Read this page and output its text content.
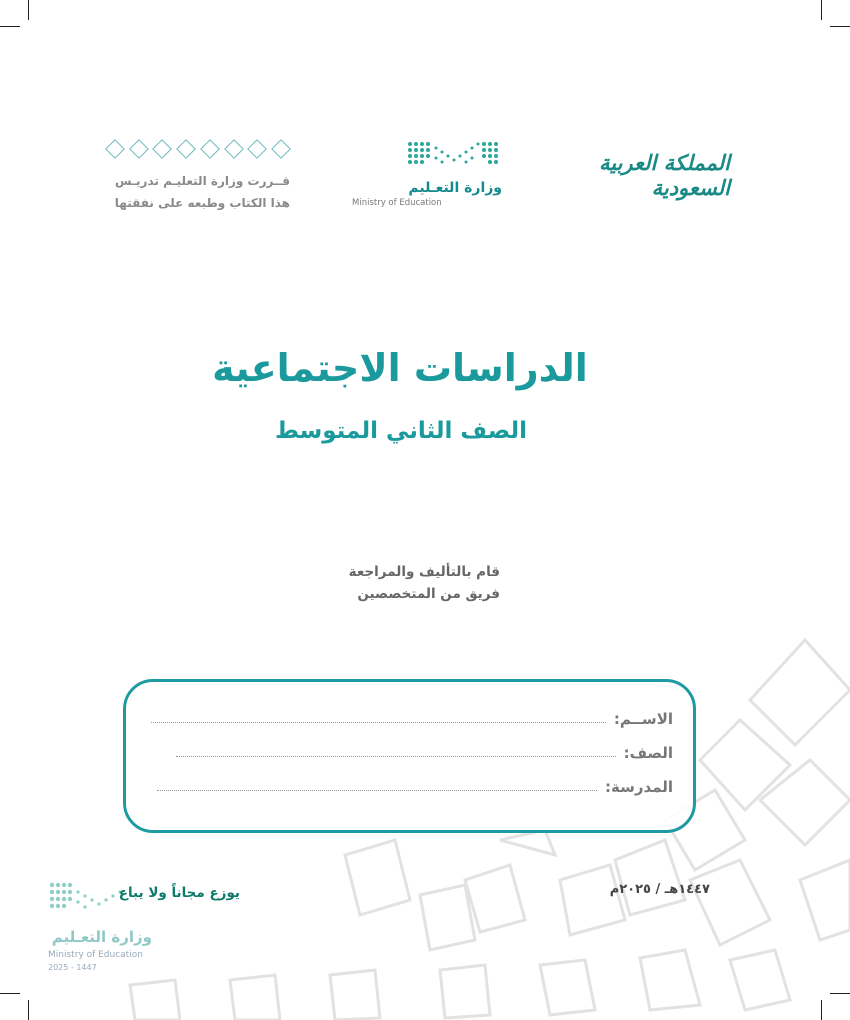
قــررت وزارة التعليـم تدريـس
هذا الكتاب وطبعه على نفقتها
وزارة التعـليم
Ministry of Education
المملكة العربية السعودية
الدراسات الاجتماعية
الصف الثاني المتوسط
قام بالتأليف والمراجعة
فريق من المتخصصين
الاســم:
الصف:
المدرسة:
١٤٤٧هـ / ٢٠٢٥م
يوزع مجاناً ولا يباع
وزارة التعـليم
Ministry of Education
2025 - 1447
